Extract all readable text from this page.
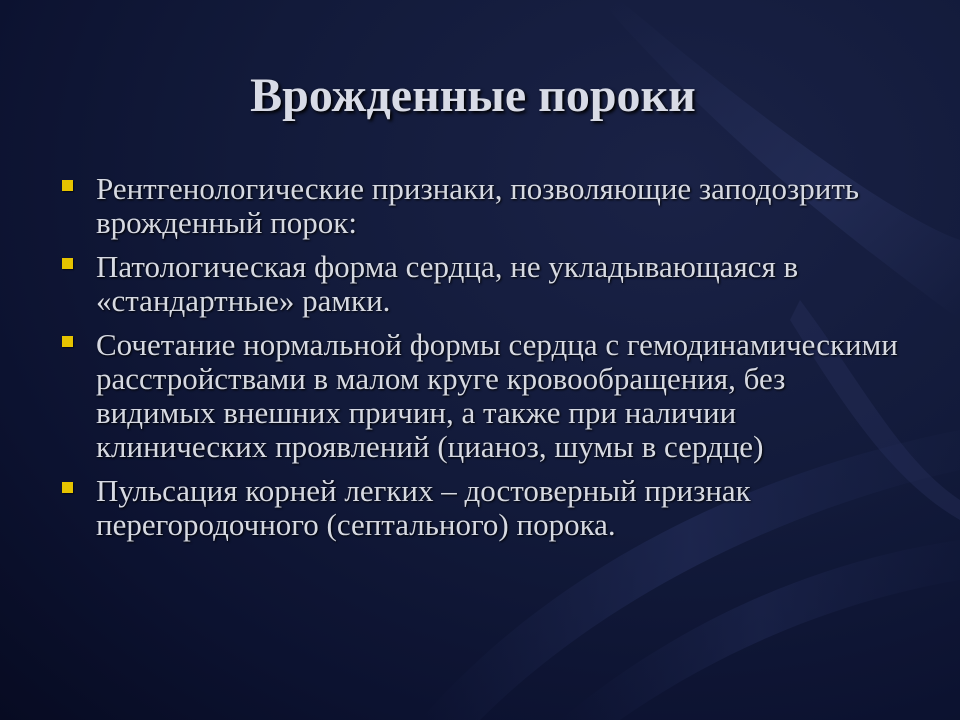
Врожденные пороки
Рентгенологические признаки, позволяющие заподозрить врожденный порок:
Патологическая форма сердца, не укладывающаяся в «стандартные» рамки.
Сочетание нормальной формы сердца с гемодинамическими расстройствами в малом круге кровообращения, без видимых внешних причин, а также при наличии клинических проявлений (цианоз, шумы в сердце)
Пульсация корней легких – достоверный признак перегородочного (септального) порока.
